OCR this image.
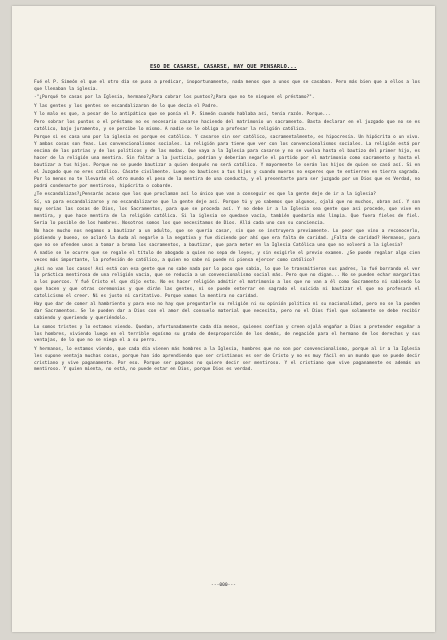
ESO DE CASARSE, CASARSE, HAY QUE PENSARLO...

Fué el P. Simeón el que el otro día se puso a predicar, inoportunamente, nada menos que a unos que se casaban. Pero más bien que a ellos a los que llenaban la iglesia.

-"¿Porqué te casas por la Iglesia, hermano?¿Para cobrar los puntos?¿Para que no te nieguen el préstamo?".

Y las gentes y los gentes se escandalizaron de lo que decía el Padre.

Y lo malo es que, a pesar de lo antipático que se ponía el P. Simeón cuando hablaba así, tenía razón. Porque...

Pero sobrar los puntos o el préstamo no es necesario casarse haciendo del matrimonio un sacramento. Basta declarar en el juzgado que no se es católico, bajo juramento, y se percibe lo mismo. A nadie se le obliga a profesar la religión católica.

Porque si es casa uno por la iglesia es porque es católico. Y casarse sin ser católico, sacramentalmente, es hipocresía. Un hipócrita o un vivo. Y ambas cosas son feas. Los convencionalismos sociales. La religión para tiene que ver con los convencionalismos sociales. La religión está por encima de las patrias y de los políticos y de las modas. Que vaya a la Iglesia para casarse y no se vuelva hasta el bautizo del primer hijo, es hacer de la religión una mentira. Sin faltar a la justicia, podrían y deberían negarle el partido por el matrimonio como sacramento y hasta el bautizar a tus hijos. Porque no se puede bautizar a quien después no será católico. Y mayormente le serán los hijos de quien se casó así. Si en el Juzgado que no eres católico. Cásate civilmente. Luego no bautices a tus hijos y cuando mueras no esperes que te entierren en tierra sagrada. Por lo menos no te llevarán el otro mundo el peso de la mentira de una conducta, y el presentarte para ser juzgado por un Dios que es Verdad, no podrá condenarte por mentiroso, hipócrita o cobarde.

¿Te escandalizas?¿Pensarás acaso que los que proclaman así lo único que van a conseguir es que la gente deje de ir a la iglesia?

Sí, va para escandalizarse y no escandalizarse que la gente deje así. Porque tú y yo sabemos que algunos, ojalá que no muchos, obran así. Y son muy serias las cosas de Dios, los Sacramentos, para que se proceda así. Y no debe ir a la Iglesia sea gente que así procede, que vive en mentira, y que hace mentira de la religión católica. Si la iglesia se quedase vacía, también quedaría más limpia. Que fuera fieles de fiel. Sería lo posible de los hombres. Nosotros somos los que necesitamos de Dios. Allá cada uno con su conciencia.

No hace mucho nos negamos a bautizar a un adulto, que se quería casar, sin que se instruyera previamente. Lo peor que vino a reconocerlo, pidiendo y bueno, se aclaró la duda al negarle a la negativa y fue diciendo por ahí que era falta de caridad. ¿Falta de caridad? Hermanos, para que no se ofenden unos a tomar a broma los sacramentos, a bautizar, que para meter en la Iglesia Católica uno que no volverá a la iglesia?

A nadie se le ocurre que se regale el título de abogado a quien no sepa de leyes, y sin exigirle el previo examen. ¿Se puede regalar algo cien veces más importante, la profesión de católico, a quien no sabe ni puede ni piensa ejercer como católico?

¿Así no van los casos! Así está con esa gente que no sabe nada por lo poco que sabía, lo que le transmitieron sus padres, lo fué borrando el ver la práctica mentirosa de una religión vacía, que se reducía a un convencionalismo social más. Pero que no digan... No se pueden echar margaritas a los puercos. Y fué Cristo el que dijo esto. No es hacer religión admitir el matrimonio a los que no van a él como Sacramento ni sabiendo lo que hacen y que otras ceremonias y que dirán las gentes, ni se puede enterrar en sagrado el suicida ni bautizar el que no profesará el catolicismo el creer. Ni es justo ni caritativo. Porque vamos la mentira no caridad.

Hay que dar de comer al hambriento y para eso no hay que preguntarle su religión ni su opinión política ni su nacionalidad, pero no se la pueden dar Sacramentos. Se le pueden dar a Dios con el amor del consuelo material que necesita, pero no el Dios fiel que solamente se debe recibir sabiendo y queriendo y queriéndolo.

Lo somos tristes y lo estamos viendo. Quedan, afortunadamente cada día menos, quienes confían y creen ojalá engañar a Dios a pretender engañar a los hombres, viviendo luego en el terrible egoísmo su grado de desproporción de los demás, de negación para el hermano de los derechos y sus ventajas, de lo que no se niega el a su perro.

Y hermanos, lo estamos viendo, que cada día vienen más hombres a la Iglesia, hombres que no son por convencionalismo, porque al ir a la Iglesia les supone ventaja muchas cosas, porque han ido aprendiendo que ser cristianos es ser de Cristo y no es muy fácil en un mundo que se puede decir cristiano y vive paganamente. Por eso. Porque ser paganos no quiere decir ser mentiroso. Y el cristiano que vive paganamente es además un mentiroso. Y quien mienta, no está, no puede estar en Dios, porque Dios es verdad.

---000---
